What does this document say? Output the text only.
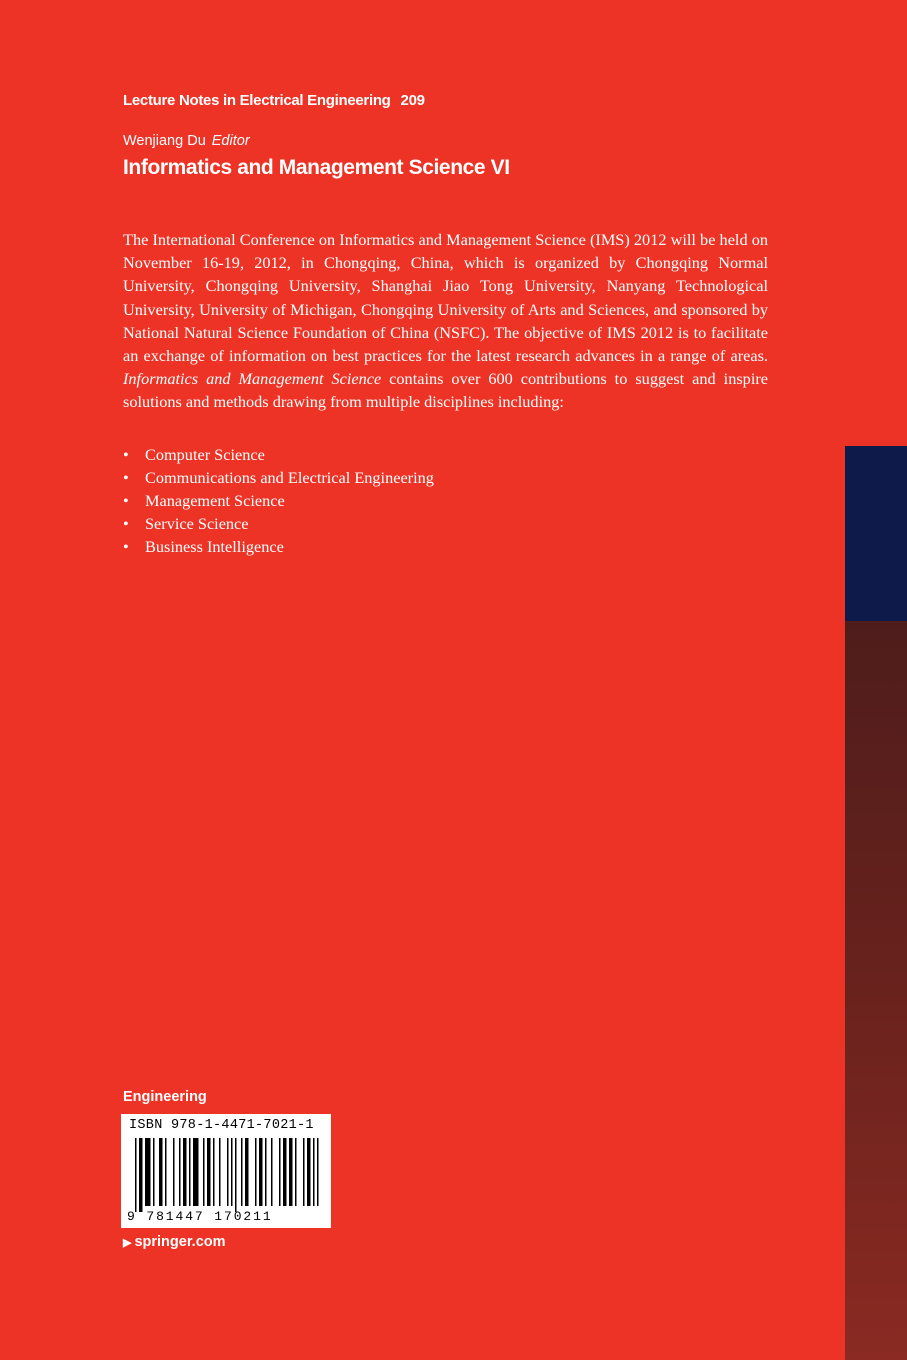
Lecture Notes in Electrical Engineering 209
Wenjiang Du Editor
Informatics and Management Science VI

The International Conference on Informatics and Management Science (IMS) 2012 will be held on November 16-19, 2012, in Chongqing, China, which is organized by Chongqing Normal University, Chongqing University, Shanghai Jiao Tong University, Nanyang Technological University, University of Michigan, Chongqing University of Arts and Sciences, and sponsored by National Natural Science Foundation of China (NSFC). The objective of IMS 2012 is to facilitate an exchange of information on best practices for the latest research advances in a range of areas. Informatics and Management Science contains over 600 contributions to suggest and inspire solutions and methods drawing from multiple disciplines including:

• Computer Science
• Communications and Electrical Engineering
• Management Science
• Service Science
• Business Intelligence
Engineering
ISBN 978-1-4471-7021-1
9 781447 170211
▶ springer.com
